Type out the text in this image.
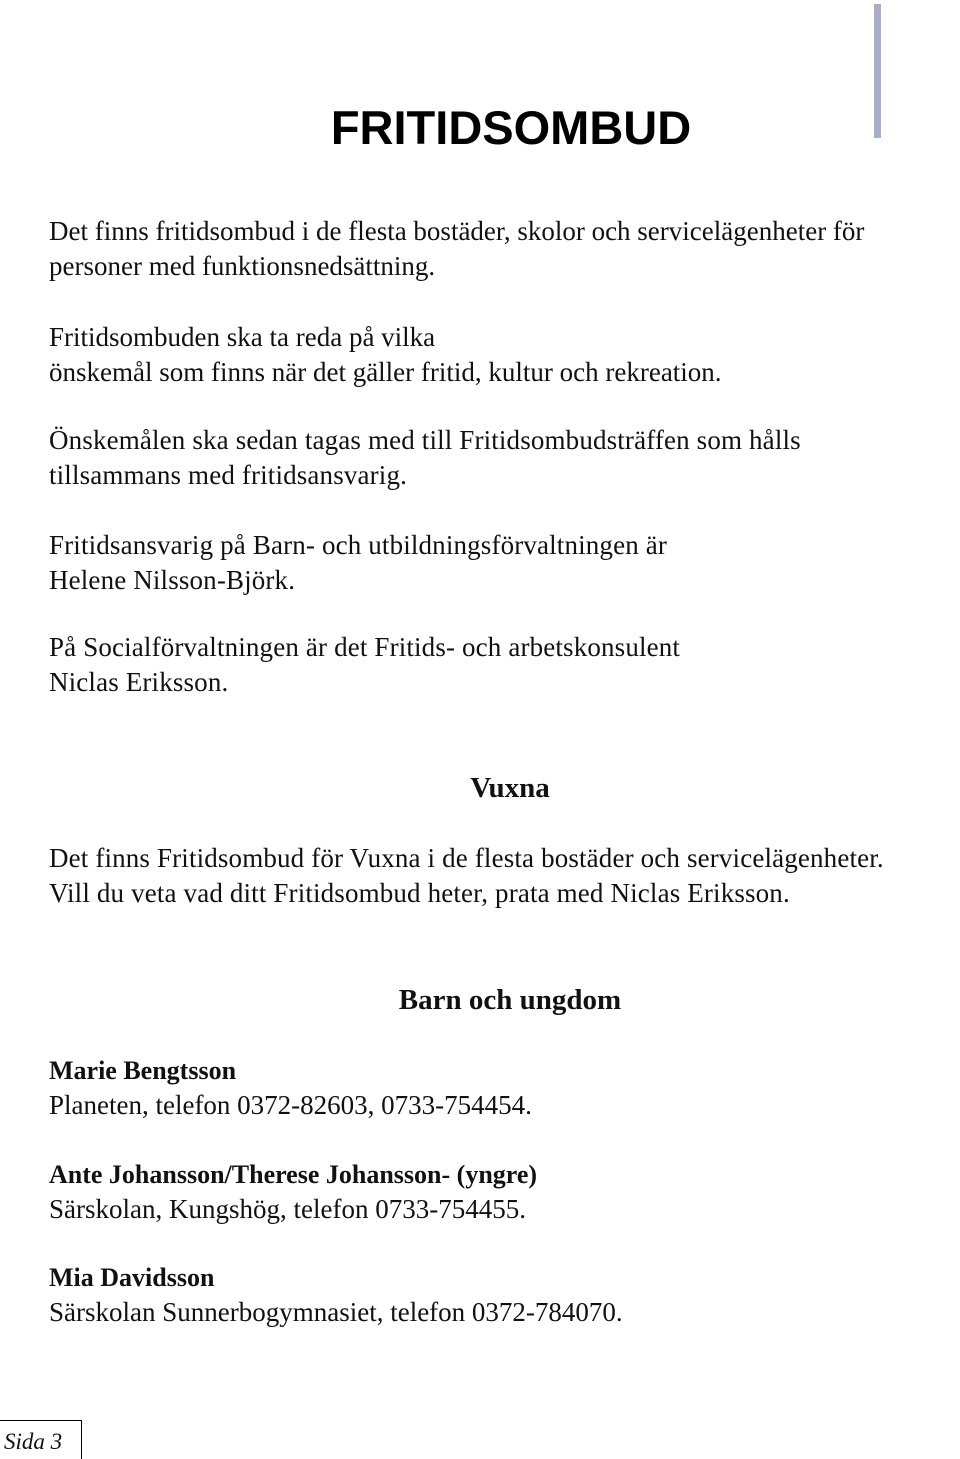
FRITIDSOMBUD

Det finns fritidsombud i de flesta bostäder, skolor och servicelägenheter för

personer med funktionsnedsättning.

Fritidsombuden ska ta reda på vilka

önskemål som finns när det gäller fritid, kultur och rekreation.

Önskemålen ska sedan tagas med till Fritidsombudsträffen som hålls

tillsammans med fritidsansvarig.

Fritidsansvarig på Barn- och utbildningsförvaltningen är

Helene Nilsson-Björk.

På Socialförvaltningen är det Fritids- och arbetskonsulent

Niclas Eriksson.

Vuxna

Det finns Fritidsombud för Vuxna i de flesta bostäder och servicelägenheter.

Vill du veta vad ditt Fritidsombud heter, prata med Niclas Eriksson.

Barn och ungdom

Marie Bengtsson

Planeten, telefon 0372-82603, 0733-754454.

Ante Johansson/Therese Johansson- (yngre)

Särskolan, Kungshög, telefon 0733-754455.

Mia Davidsson

Särskolan Sunnerbogymnasiet, telefon 0372-784070.

Sida 3
